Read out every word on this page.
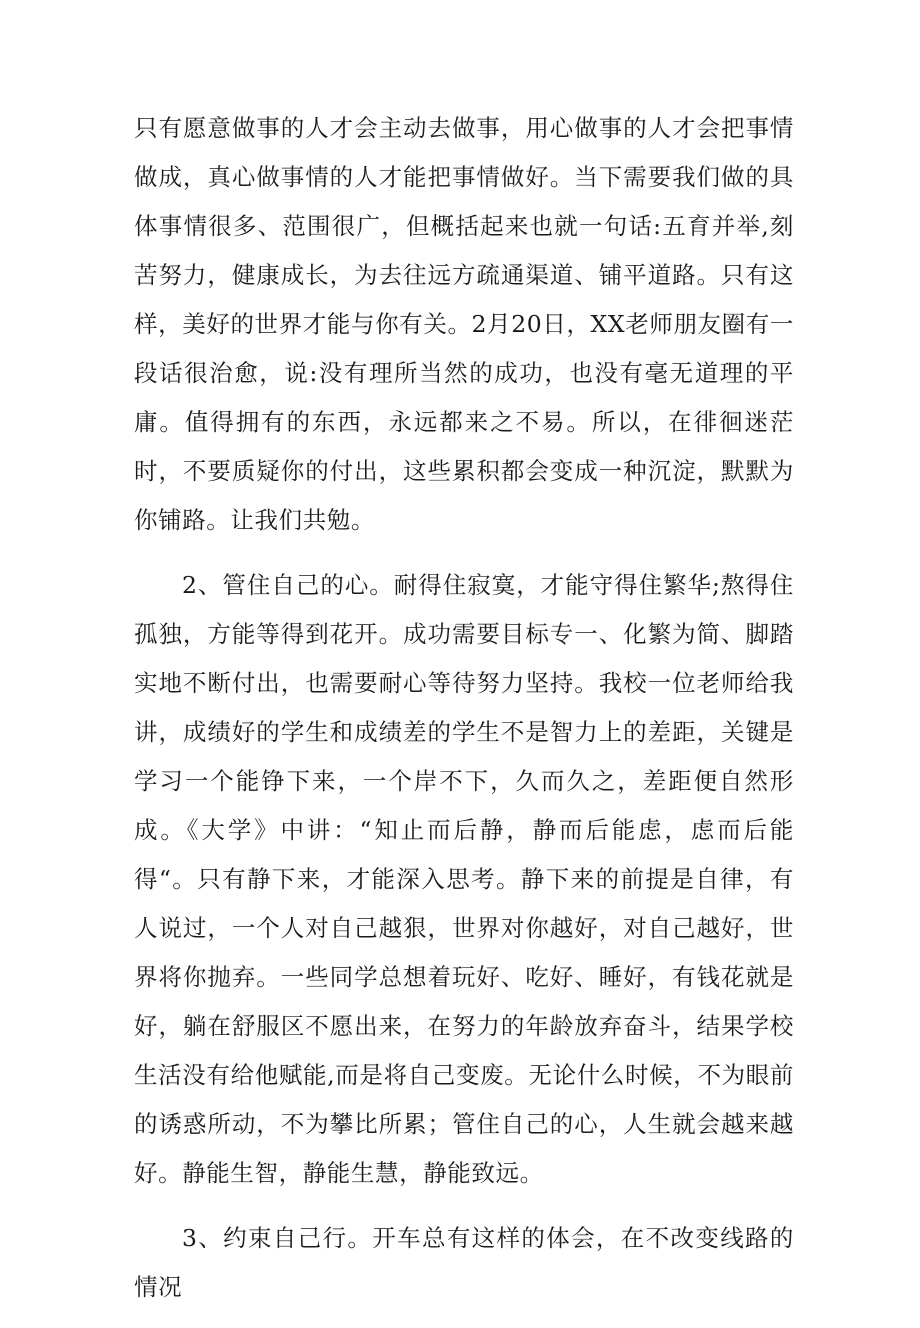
只有愿意做事的人才会主动去做事，用心做事的人才会把事情做成，真心做事情的人才能把事情做好。当下需要我们做的具体事情很多、范围很广，但概括起来也就一句话:五育并举,刻苦努力，健康成长，为去往远方疏通渠道、铺平道路。只有这样，美好的世界才能与你有关。2月20日，XX老师朋友圈有一段话很治愈，说:没有理所当然的成功，也没有毫无道理的平庸。值得拥有的东西，永远都来之不易。所以，在徘徊迷茫时，不要质疑你的付出，这些累积都会变成一种沉淀，默默为你铺路。让我们共勉。

2、管住自己的心。耐得住寂寞，才能守得住繁华;熬得住孤独，方能等得到花开。成功需要目标专一、化繁为简、脚踏实地不断付出，也需要耐心等待努力坚持。我校一位老师给我讲，成绩好的学生和成绩差的学生不是智力上的差距，关键是学习一个能铮下来，一个岸不下，久而久之，差距便自然形成。《大学》中讲：“知止而后静，静而后能虑，虑而后能得“。只有静下来，才能深入思考。静下来的前提是自律，有人说过，一个人对自己越狠，世界对你越好，对自己越好，世界将你抛弃。一些同学总想着玩好、吃好、睡好，有钱花就是好，躺在舒服区不愿出来，在努力的年龄放弃奋斗，结果学校生活没有给他赋能,而是将自己变废。无论什么时候，不为眼前的诱惑所动，不为攀比所累；管住自己的心，人生就会越来越好。静能生智，静能生慧，静能致远。

3、约束自己行。开车总有这样的体会，在不改变线路的情况
